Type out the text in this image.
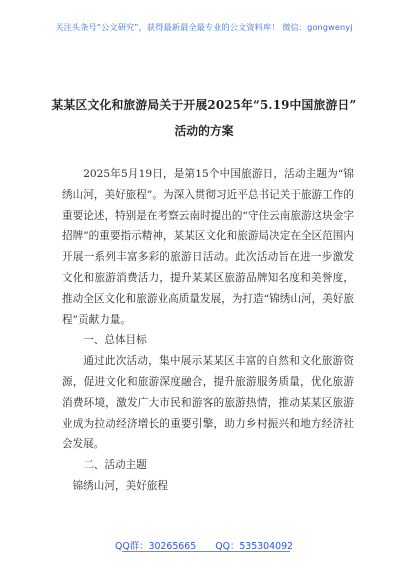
关注头条号“公文研究”，获得最新最全最专业的公文资料库！ 微信：gongwenyj
某某区文化和旅游局关于开展2025年“5.19中国旅游日”
活动的方案

2025年5月19日，是第15个中国旅游日，活动主题为“锦绣山河，美好旅程”。为深入贯彻习近平总书记关于旅游工作的重要论述，特别是在考察云南时提出的“守住云南旅游这块金字招牌”的重要指示精神，某某区文化和旅游局决定在全区范围内开展一系列丰富多彩的旅游日活动。此次活动旨在进一步激发文化和旅游消费活力，提升某某区旅游品牌知名度和美誉度，推动全区文化和旅游业高质量发展，为打造“锦绣山河，美好旅程”贡献力量。

一、总体目标

通过此次活动，集中展示某某区丰富的自然和文化旅游资源，促进文化和旅游深度融合，提升旅游服务质量，优化旅游消费环境，激发广大市民和游客的旅游热情，推动某某区旅游业成为拉动经济增长的重要引擎，助力乡村振兴和地方经济社会发展。

二、活动主题

锦绣山河，美好旅程

QQ群：30265665 QQ：535304092
